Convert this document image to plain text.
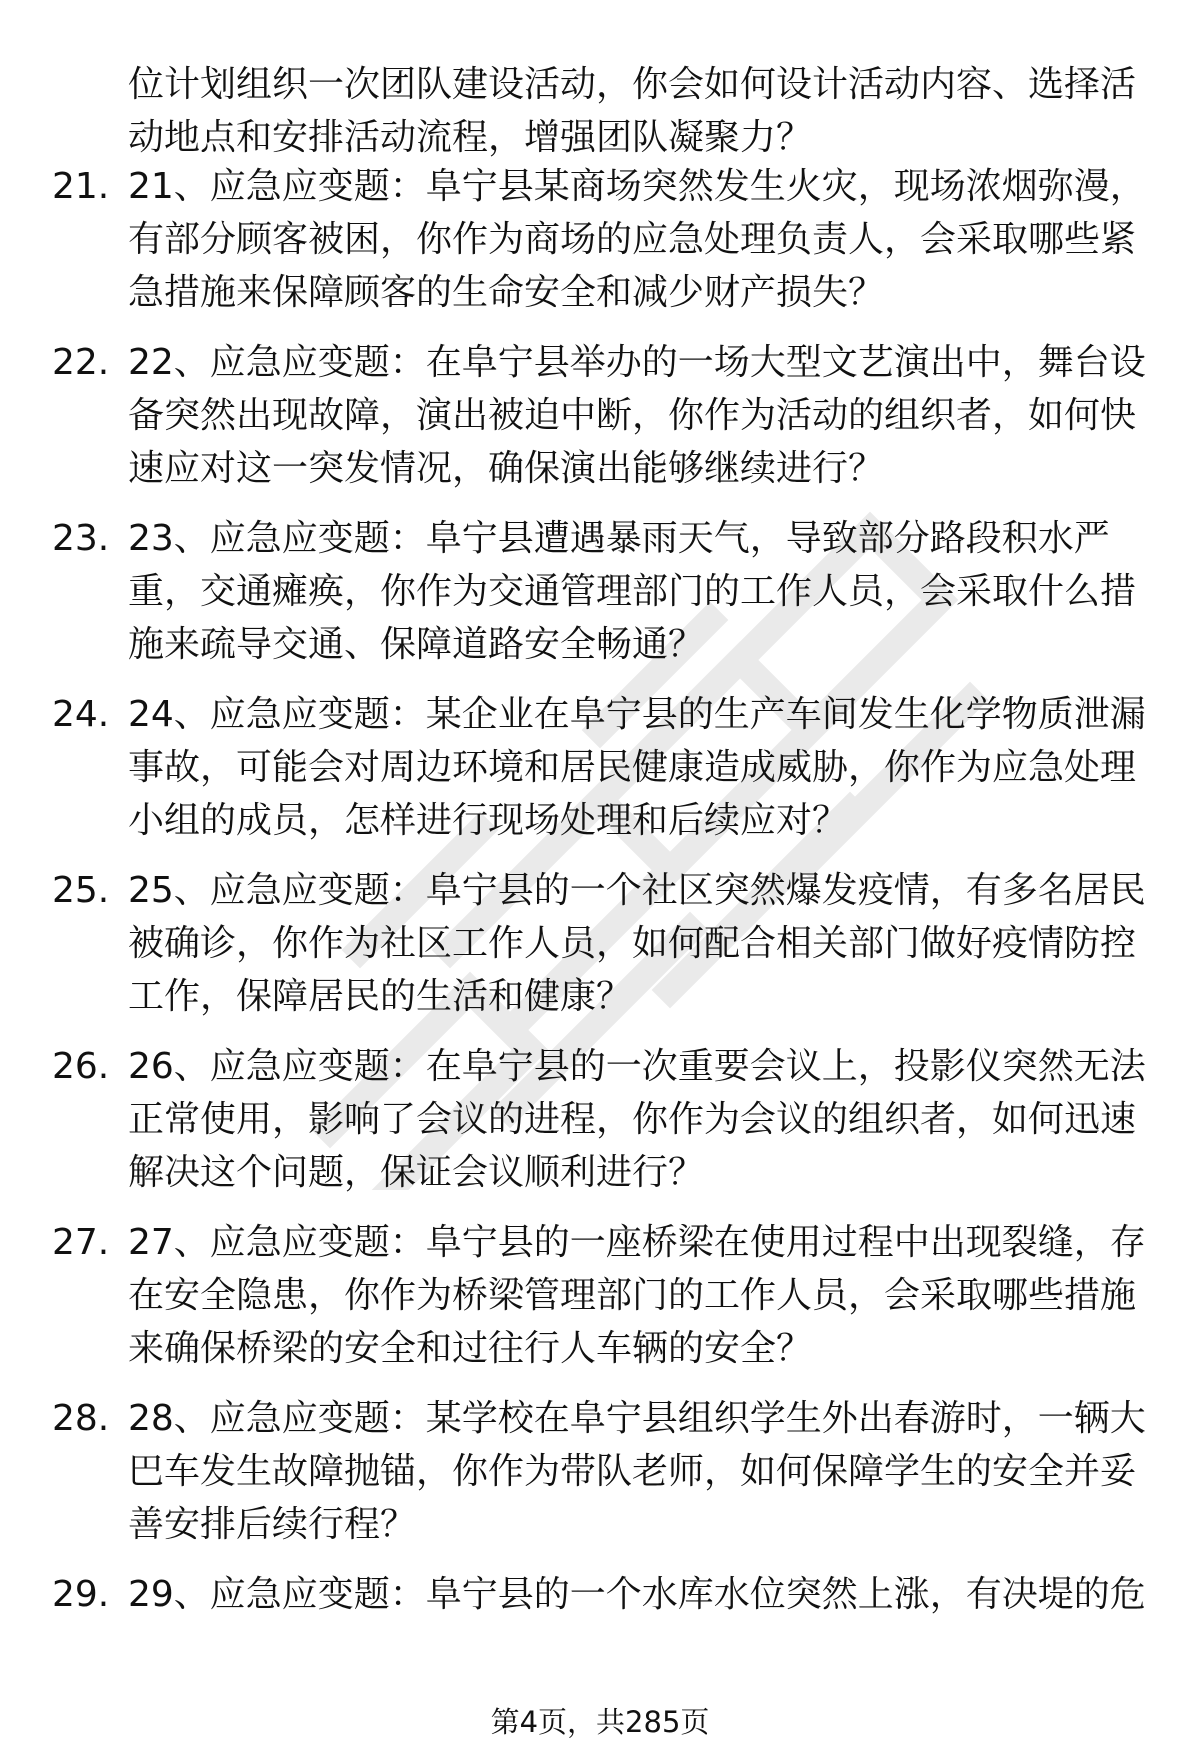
位计划组织一次团队建设活动，你会如何设计活动内容、选择活动地点和安排活动流程，增强团队凝聚力？
21. 21、应急应变题：阜宁县某商场突然发生火灾，现场浓烟弥漫，有部分顾客被困，你作为商场的应急处理负责人，会采取哪些紧急措施来保障顾客的生命安全和减少财产损失？
22. 22、应急应变题：在阜宁县举办的一场大型文艺演出中，舞台设备突然出现故障，演出被迫中断，你作为活动的组织者，如何快速应对这一突发情况，确保演出能够继续进行？
23. 23、应急应变题：阜宁县遭遇暴雨天气，导致部分路段积水严重，交通瘫痪，你作为交通管理部门的工作人员，会采取什么措施来疏导交通、保障道路安全畅通？
24. 24、应急应变题：某企业在阜宁县的生产车间发生化学物质泄漏事故，可能会对周边环境和居民健康造成威胁，你作为应急处理小组的成员，怎样进行现场处理和后续应对？
25. 25、应急应变题：阜宁县的一个社区突然爆发疫情，有多名居民被确诊，你作为社区工作人员，如何配合相关部门做好疫情防控工作，保障居民的生活和健康？
26. 26、应急应变题：在阜宁县的一次重要会议上，投影仪突然无法正常使用，影响了会议的进程，你作为会议的组织者，如何迅速解决这个问题，保证会议顺利进行？
27. 27、应急应变题：阜宁县的一座桥梁在使用过程中出现裂缝，存在安全隐患，你作为桥梁管理部门的工作人员，会采取哪些措施来确保桥梁的安全和过往行人车辆的安全？
28. 28、应急应变题：某学校在阜宁县组织学生外出春游时，一辆大巴车发生故障抛锚，你作为带队老师，如何保障学生的安全并妥善安排后续行程？
29. 29、应急应变题：阜宁县的一个水库水位突然上涨，有决堤的危
第4页，共285页
